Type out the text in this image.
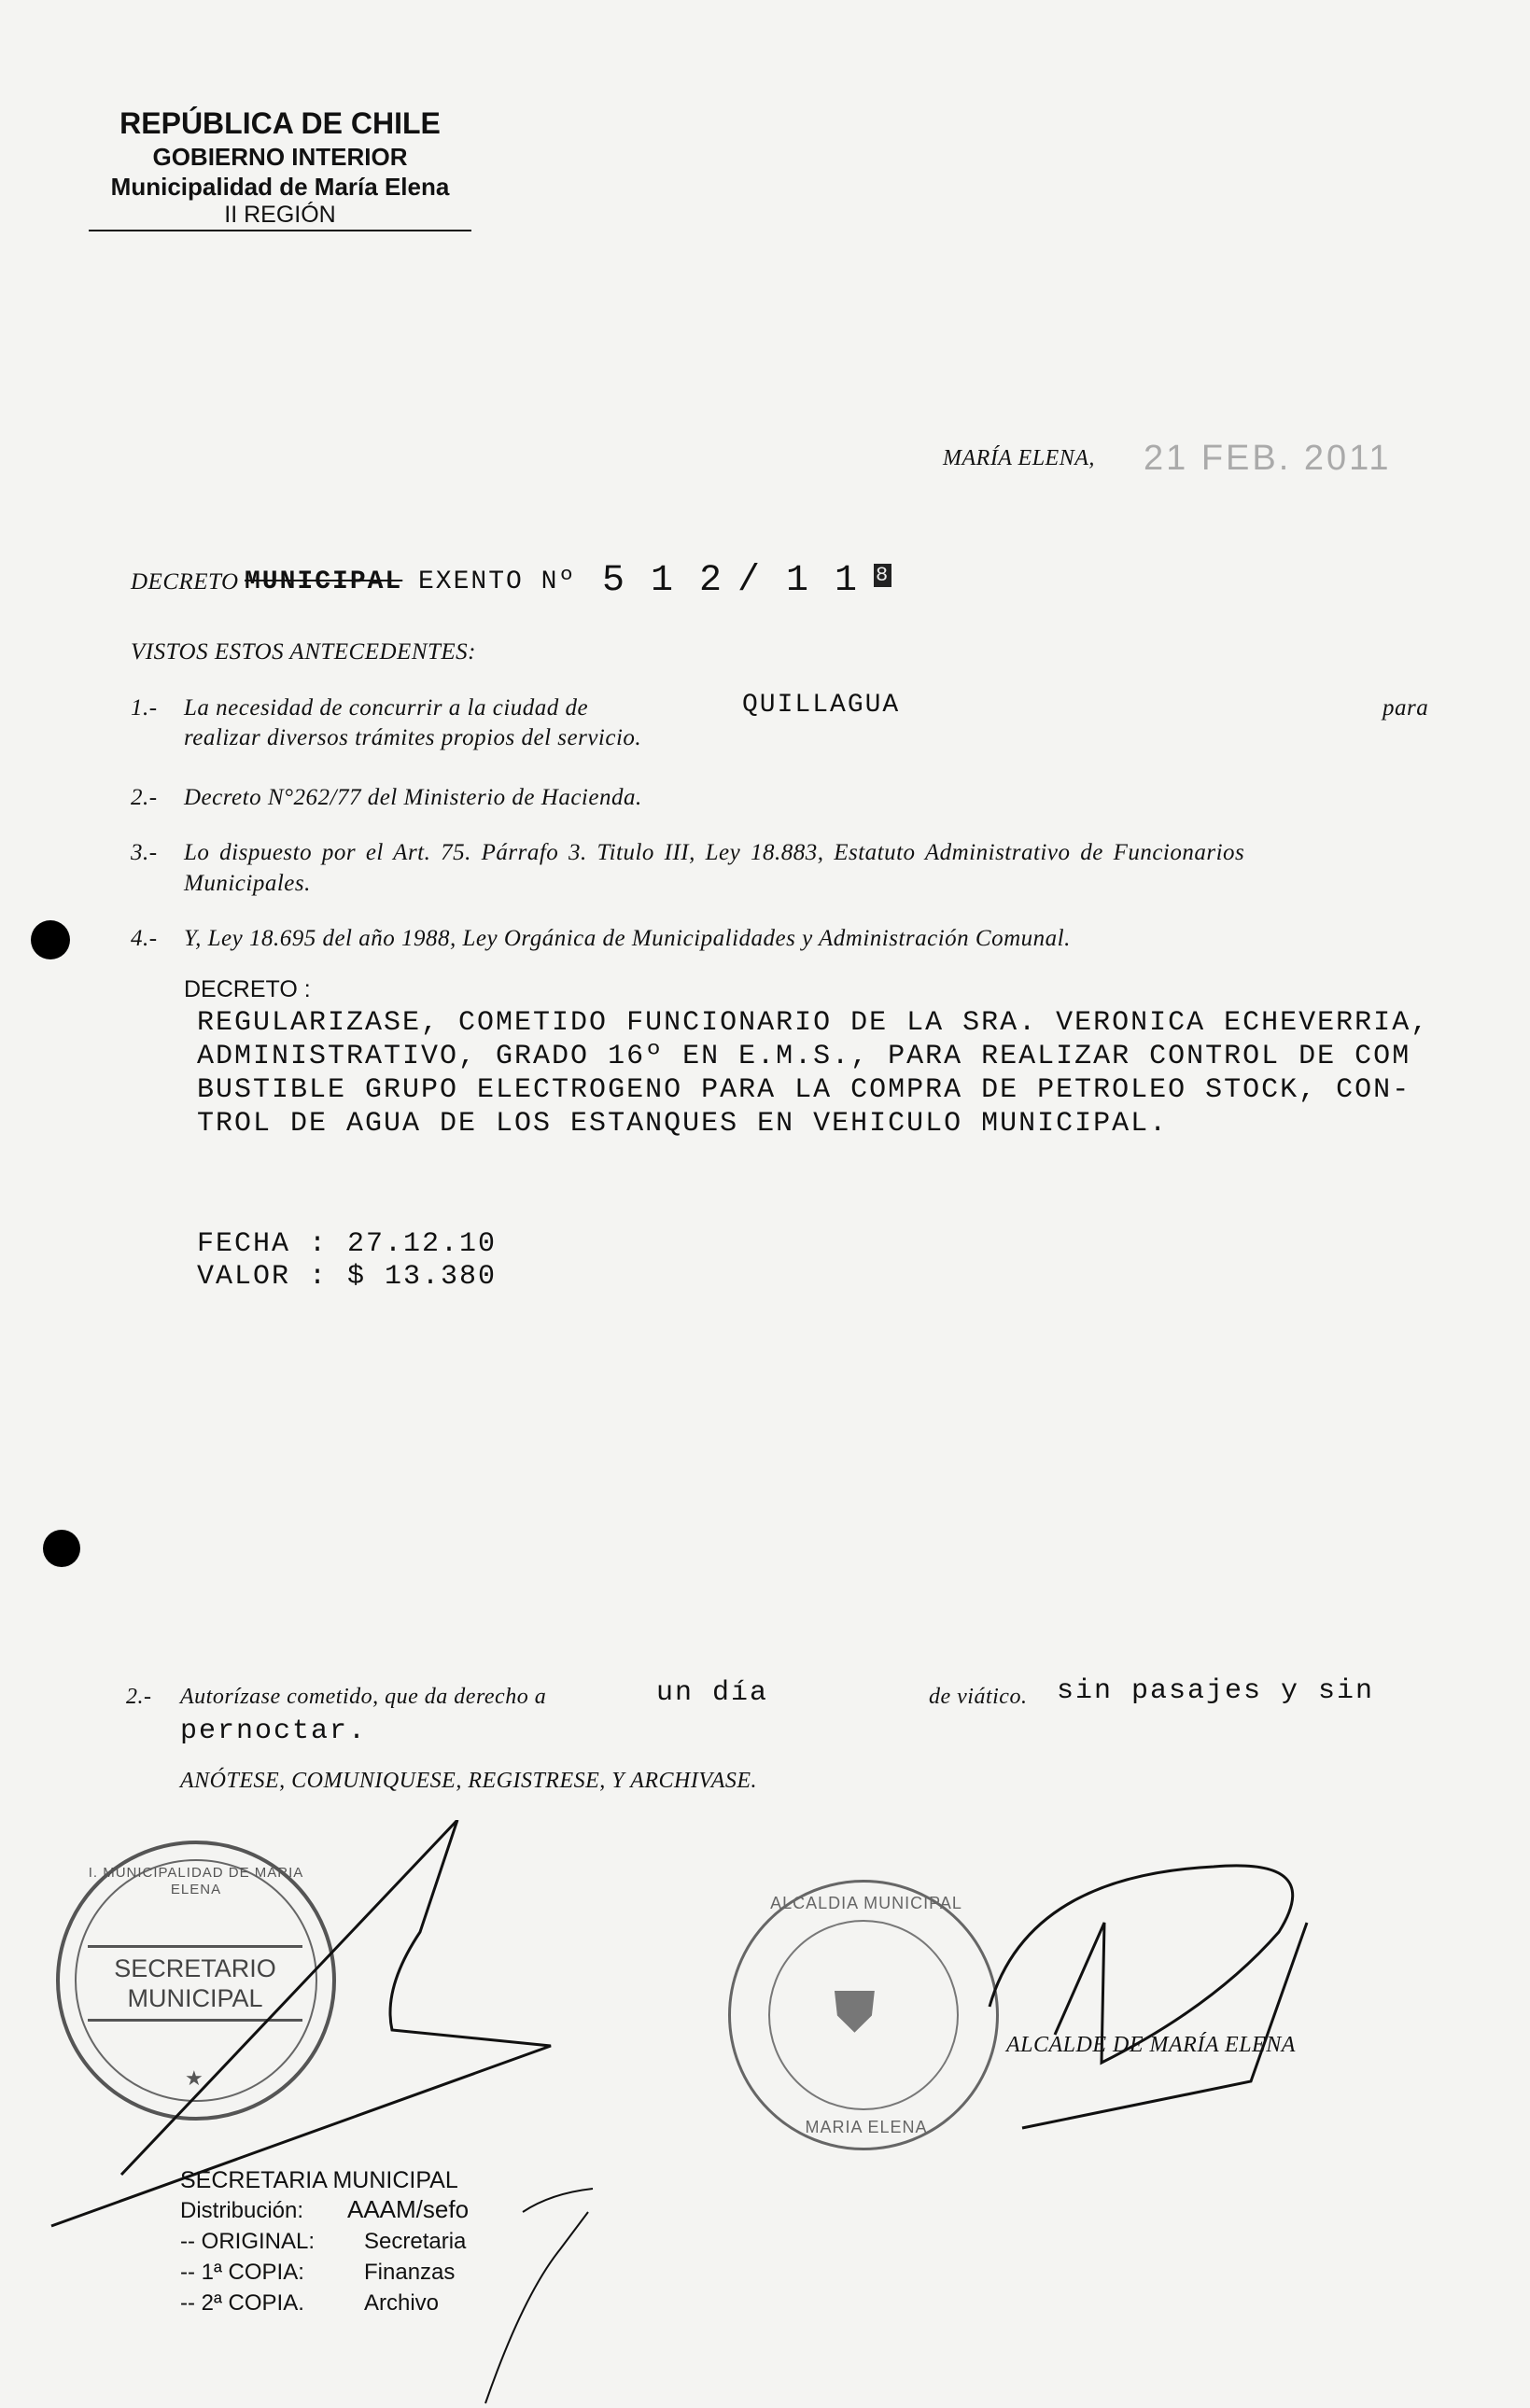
REPÚBLICA DE CHILE
GOBIERNO INTERIOR
Municipalidad de María Elena
II REGIÓN
MARÍA ELENA, 21 FEB. 2011
DECRETO MUNICIPAL EXENTO Nº 5 1 2 / 1 1 8
VISTOS ESTOS ANTECEDENTES:
1.- La necesidad de concurrir a la ciudad de	QUILLAGUA	para
realizar diversos trámites propios del servicio.
2.- Decreto N°262/77 del Ministerio de Hacienda.
3.- Lo dispuesto por el Art. 75. Párrafo 3. Titulo III, Ley 18.883, Estatuto Administrativo de Funcionarios
Municipales.
4.- Y, Ley 18.695 del año 1988, Ley Orgánica de Municipalidades y Administración Comunal.
DECRETO :
REGULARIZASE, COMETIDO FUNCIONARIO DE LA SRA. VERONICA ECHEVERRIA,
ADMINISTRATIVO, GRADO 16º EN E.M.S., PARA REALIZAR CONTROL DE COM
BUSTIBLE GRUPO ELECTROGENO PARA LA COMPRA DE PETROLEO STOCK, CON-
TROL DE AGUA DE LOS ESTANQUES EN VEHICULO MUNICIPAL.
FECHA : 27.12.10
VALOR : $ 13.380
2.- Autorízase cometido, que da derecho a	un día	de viático. sin pasajes y sin
pernoctar.
ANÓTESE, COMUNIQUESE, REGISTRESE, Y ARCHIVASE.
I. MUNICIPALIDAD DE MARIA ELENA
SECRETARIO
MUNICIPAL
★
ALCALDIA MUNICIPAL
MARIA ELENA
⛊
ALCALDE DE MARÍA ELENA
SECRETARIA MUNICIPAL
Distribución: AAAM/sefo
-- ORIGINAL: Secretaria
-- 1ª COPIA:	Finanzas
-- 2ª COPIA.	Archivo
